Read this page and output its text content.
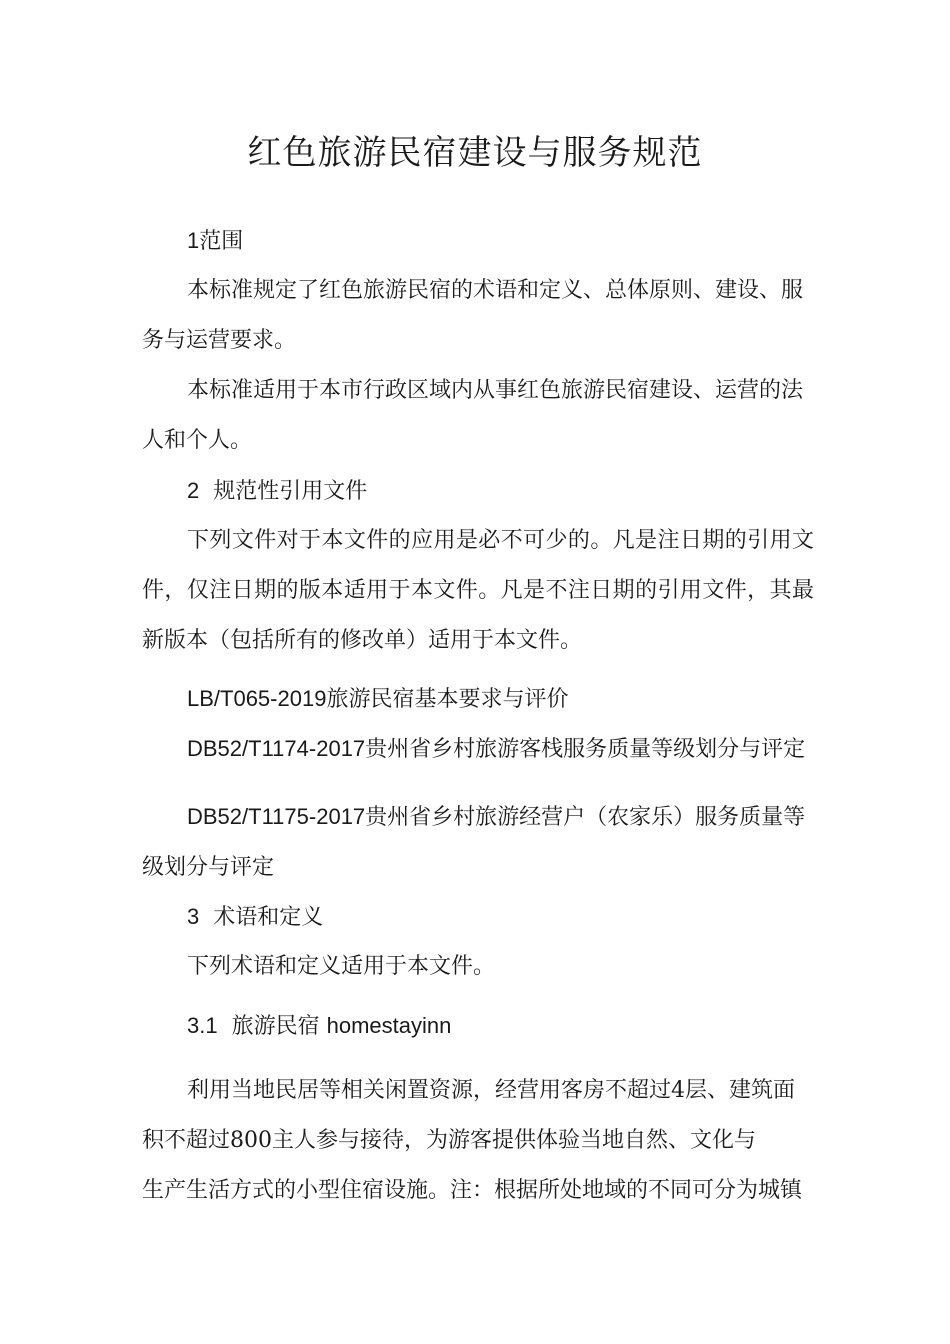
红色旅游民宿建设与服务规范

1范围

本标准规定了红色旅游民宿的术语和定义、总体原则、建设、服务与运营要求。

本标准适用于本市行政区域内从事红色旅游民宿建设、运营的法人和个人。

2 规范性引用文件

下列文件对于本文件的应用是必不可少的。凡是注日期的引用文件，仅注日期的版本适用于本文件。凡是不注日期的引用文件，其最新版本（包括所有的修改单）适用于本文件。

LB/T065-2019旅游民宿基本要求与评价

DB52/T1174-2017贵州省乡村旅游客栈服务质量等级划分与评定

DB52/T1175-2017贵州省乡村旅游经营户（农家乐）服务质量等级划分与评定

3 术语和定义

下列术语和定义适用于本文件。

3.1 旅游民宿 homestayinn

利用当地民居等相关闲置资源，经营用客房不超过4层、建筑面

积不超过800主人参与接待，为游客提供体验当地自然、文化与

生产生活方式的小型住宿设施。注：根据所处地域的不同可分为城镇
